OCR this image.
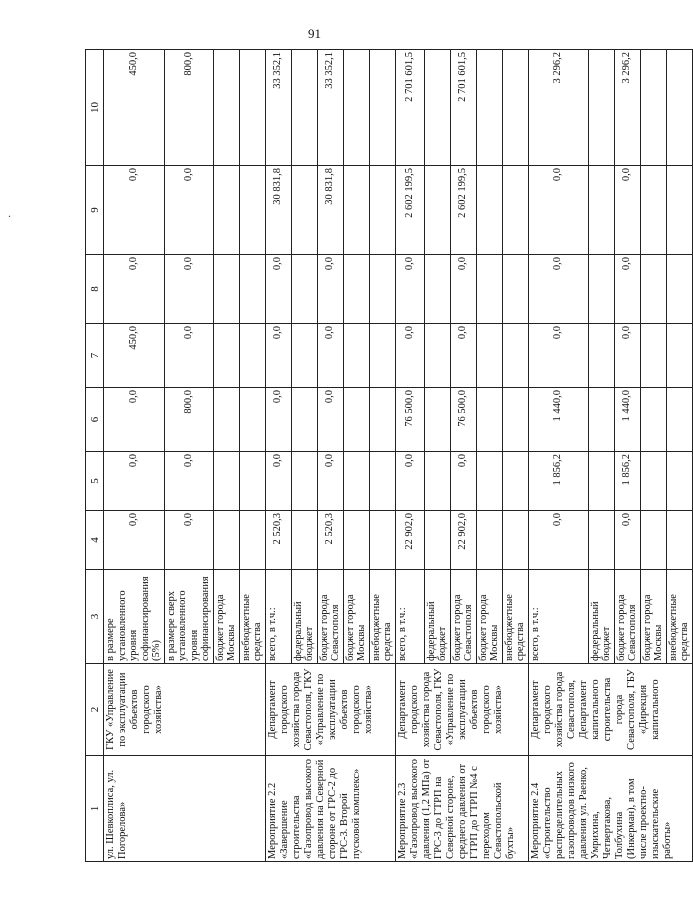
91
.
1	2	3	4	5	6	7	8	9	10
ул. Шевкоплиса, ул. Погорелова»	ГКУ «Управление по эксплуатации объектов городского хозяйства»	в размере установленного уровня софинансирования (5%)	0,0	0,0	0,0	450,0	0,0	0,0	450,0
		в размере сверх установленного уровня софинансирования	0,0	0,0	800,0	0,0	0,0	0,0	800,0
		бюджет города Москвы							
		внебюджетные средства							
Мероприятие 2.2 «Завершение строительства «Газопровод высокого давления на Северной стороне от ГРС-2 до ГРС-3. Второй пусковой комплекс»	Департамент городского хозяйства города Севастополя, ГКУ «Управление по эксплуатации объектов городского хозяйства»	всего, в т.ч.:	2 520,3	0,0	0,0	0,0	0,0	30 831,8	33 352,1
		федеральный бюджет							
		бюджет города Севастополя	2 520,3	0,0	0,0	0,0	0,0	30 831,8	33 352,1
		бюджет города Москвы							
		внебюджетные средства							
Мероприятие 2.3 «Газопровод высокого давления (1,2 МПа) от ГРС-3 до ГТРП на Северной стороне, среднего давления от ГТРП до ГТРП №4 с переходом Севастопольской бухты»	Департамент городского хозяйства города Севастополя, ГКУ «Управление по эксплуатации объектов городского хозяйства»	всего, в т.ч.:	22 902,0	0,0	76 500,0	0,0	0,0	2 602 199,5	2 701 601,5
		федеральный бюджет							
		бюджет города Севастополя	22 902,0	0,0	76 500,0	0,0	0,0	2 602 199,5	2 701 601,5
		бюджет города Москвы							
		внебюджетные средства							
Мероприятие 2.4 «Строительство распределительных газопроводов низкого давления ул. Раенко, Умрихина, Четвертакова, Толбухина (Инкерман), в том числе проектно-изыскательские работы»	Департамент городского хозяйства города Севастополя, Департамент капитального строительства города Севастополя, ГБУ «Дирекция капитального	всего, в т.ч.:	0,0	1 856,2	1 440,0	0,0	0,0	0,0	3 296,2
		федеральный бюджет							
		бюджет города Севастополя	0,0	1 856,2	1 440,0	0,0	0,0	0,0	3 296,2
		бюджет города Москвы							
		внебюджетные средства							
